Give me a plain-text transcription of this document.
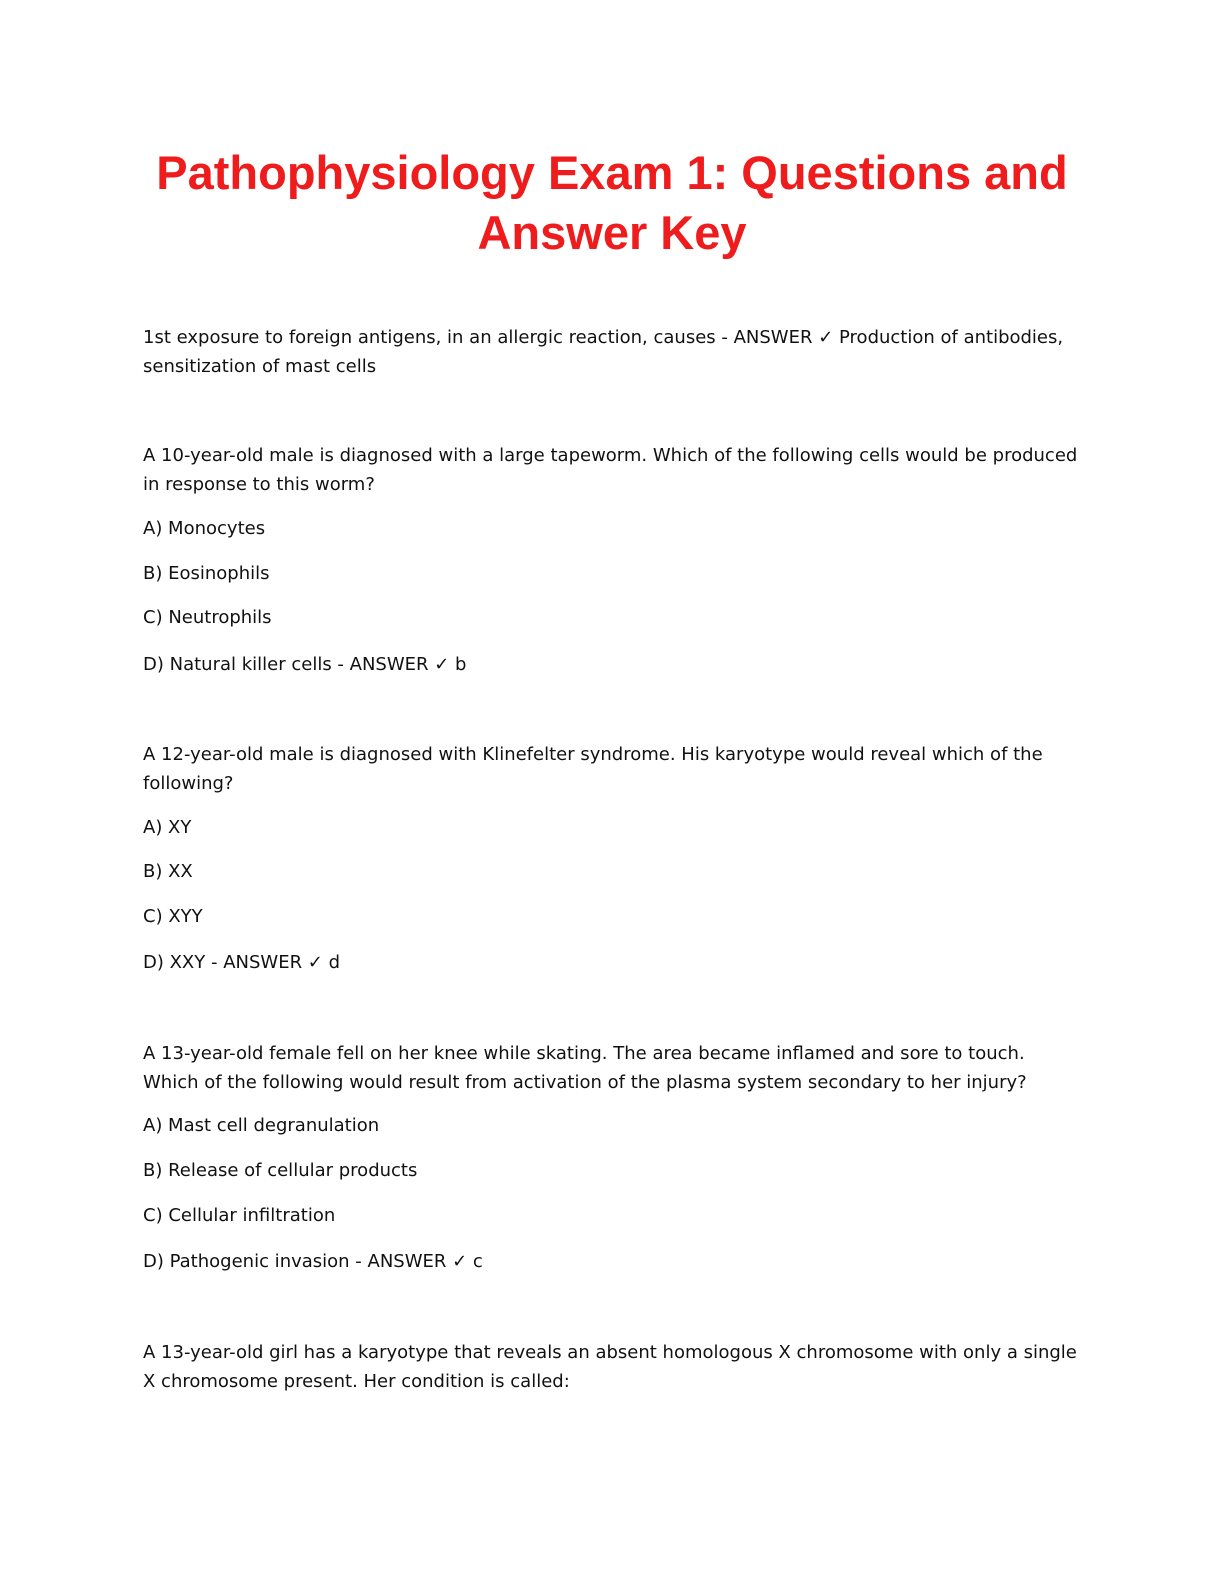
Pathophysiology Exam 1: Questions and
Answer Key

1st exposure to foreign antigens, in an allergic reaction, causes - ANSWER ✓ Production of antibodies, sensitization of mast cells

A 10-year-old male is diagnosed with a large tapeworm. Which of the following cells would be produced in response to this worm?

A) Monocytes

B) Eosinophils

C) Neutrophils

D) Natural killer cells - ANSWER ✓ b

A 12-year-old male is diagnosed with Klinefelter syndrome. His karyotype would reveal which of the following?

A) XY

B) XX

C) XYY

D) XXY - ANSWER ✓ d

A 13-year-old female fell on her knee while skating. The area became inflamed and sore to touch. Which of the following would result from activation of the plasma system secondary to her injury?

A) Mast cell degranulation

B) Release of cellular products

C) Cellular infiltration

D) Pathogenic invasion - ANSWER ✓ c

A 13-year-old girl has a karyotype that reveals an absent homologous X chromosome with only a single X chromosome present. Her condition is called:
